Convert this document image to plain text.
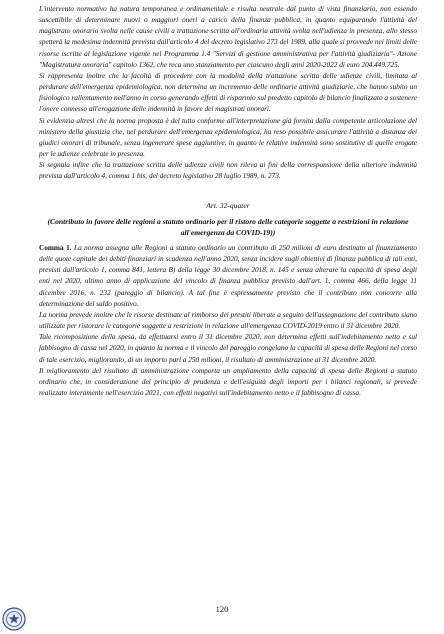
L'intervento normativo ha natura temporanea e ordinamentale e risulta neutrale dal punto di vista finanziario, non essendo suscettibile di determinare nuovi o maggiori oneri a carico della finanza pubblica, in quanto equiparando l'attività del magistrato onorario svolta nelle cause civili a trattazione scritta all'ordinaria attività svolta nell'udienza in presenza, allo stesso spetterà la medesima indennità prevista dall'articolo 4 del decreto legislativo 273 del 1989, alla quale si provvede nei limiti delle risorse iscritte al legislazione vigente nel Programma 1.4 "Servizi di gestione amministrativa per l'attività giudiziaria"- Azione "Magistratura onoraria" capitolo 1362, che reca uno stanziamento per ciascuno degli anni 2020-2022 di euro 204.449.725.

Si rappresenta inoltre che la facoltà di procedere con la modalità della trattazione scritta delle udienze civili, limitata al perdurare dell'emergenza epidemiologica, non determina un incremento delle ordinarie attività giudiziarie, che hanno subito un fisiologico rallentamento nell'anno in corso generando effetti di risparmio sul predetto capitolo di bilancio finalizzato a sostenere l'onere connesso all'erogazione delle indennità in favore dei magistrati onorari.

Si evidenzia altresì che la norma proposta è del tutto conforme all'interpretazione già fornita dalla competente articolazione del ministero della giustizia che, nel perdurare dell'emergenza epidemiologica, ha reso possibile assicurare l'attività a distanza dei giudici onorari di tribunale, senza ingenerare spese aggiuntive, in quanto le relative indennità sono sostitutive di quelle erogate per le udienze celebrate in presenza.

Si segnala infine che la trattazione scritta delle udienze civili non rileva ai fini della corresponsione della ulteriore indennità prevista dall'articolo 4, comma 1 bis, del decreto legislativo 28 luglio 1989, n. 273.

Art. 32-quater
(Contributo in favore delle regioni a statuto ordinario per il ristoro delle categorie soggette a restrizioni in relazione all'emergenza da COVID-19))

Comma 1. La norma assegna alle Regioni a statuto ordinario un contributo di 250 milioni di euro destinato al finanziamento delle quote capitale dei debiti finanziari in scadenza nell'anno 2020, senza incidere sugli obiettivi di finanza pubblica di tali enti, previsti dall'articolo 1, comma 841, lettera B) della legge 30 dicembre 2018, n. 145 e senza alterare la capacità di spesa degli enti nel 2020, ultimo anno di applicazione del vincolo di finanza pubblica previsto dall'art. 1, comma 466, della legge 11 dicembre 2016, n. 232 (pareggio di bilancio). A tal fine è espressamente previsto che il contributo non concorre alla determinazione del saldo positivo.

La norma prevede inoltre che le risorse destinate al rimborso dei prestiti liberate a seguito dell'assegnazione del contributo siano utilizzate per ristorare le categorie soggette a restrizioni in relazione all'emergenza COVID-2019 entro il 31 dicembre 2020.

Tale ricomposizione della spesa, da effettuarsi entro il 31 dicembre 2020, non determina effetti sull'indebitamento netto e sul fabbisogno di cassa nel 2020, in quanto la norma e il vincolo del pareggio congelano la capacità di spesa delle Regioni nel corso di tale esercizio, migliorando, di un importo pari a 250 milioni, il risultato di amministrazione al 31 dicembre 2020.

Il miglioramento del risultato di amministrazione comporta un ampliamento della capacità di spesa delle Regioni a statuto ordinario che, in considerazione del principio di prudenza e dell'esiguità degli importi per i bilanci regionali, si prevede realizzato interamente nell'esercizio 2021, con effetti negativi sull'indebitamento netto e il fabbisogno di cassa.

120
